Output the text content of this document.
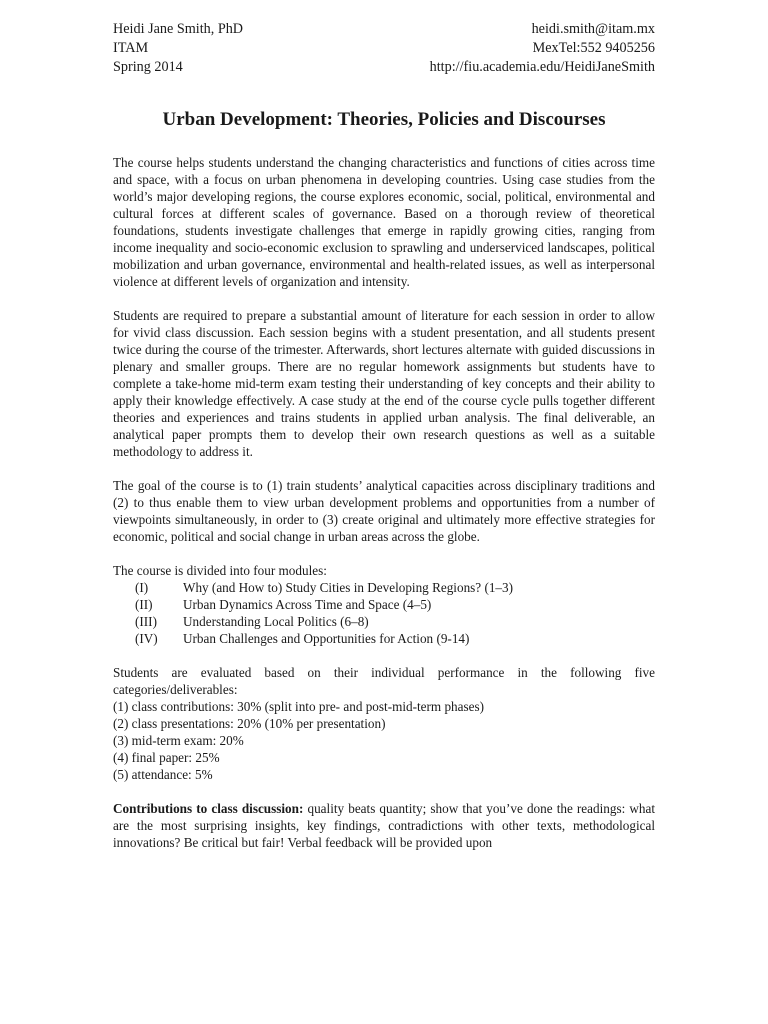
Heidi Jane Smith, PhD
ITAM
Spring 2014
heidi.smith@itam.mx
MexTel:552 9405256
http://fiu.academia.edu/HeidiJaneSmith
Urban Development: Theories, Policies and Discourses

The course helps students understand the changing characteristics and functions of cities across time and space, with a focus on urban phenomena in developing countries. Using case studies from the world’s major developing regions, the course explores economic, social, political, environmental and cultural forces at different scales of governance. Based on a thorough review of theoretical foundations, students investigate challenges that emerge in rapidly growing cities, ranging from income inequality and socio-economic exclusion to sprawling and underserviced landscapes, political mobilization and urban governance, environmental and health-related issues, as well as interpersonal violence at different levels of organization and intensity.

Students are required to prepare a substantial amount of literature for each session in order to allow for vivid class discussion. Each session begins with a student presentation, and all students present twice during the course of the trimester. Afterwards, short lectures alternate with guided discussions in plenary and smaller groups. There are no regular homework assignments but students have to complete a take-home mid-term exam testing their understanding of key concepts and their ability to apply their knowledge effectively. A case study at the end of the course cycle pulls together different theories and experiences and trains students in applied urban analysis. The final deliverable, an analytical paper prompts them to develop their own research questions as well as a suitable methodology to address it.

The goal of the course is to (1) train students’ analytical capacities across disciplinary traditions and (2) to thus enable them to view urban development problems and opportunities from a number of viewpoints simultaneously, in order to (3) create original and ultimately more effective strategies for economic, political and social change in urban areas across the globe.

The course is divided into four modules:

(I)	Why (and How to) Study Cities in Developing Regions? (1–3)
(II)	Urban Dynamics Across Time and Space (4–5)
(III)	Understanding Local Politics (6–8)
(IV)	Urban Challenges and Opportunities for Action (9-14)

Students are evaluated based on their individual performance in the following five categories/deliverables:

(1) class contributions: 30% (split into pre- and post-mid-term phases)
(2) class presentations: 20% (10% per presentation)
(3) mid-term exam: 20%
(4) final paper: 25%
(5) attendance: 5%

Contributions to class discussion: quality beats quantity; show that you’ve done the readings: what are the most surprising insights, key findings, contradictions with other texts, methodological innovations? Be critical but fair! Verbal feedback will be provided upon
